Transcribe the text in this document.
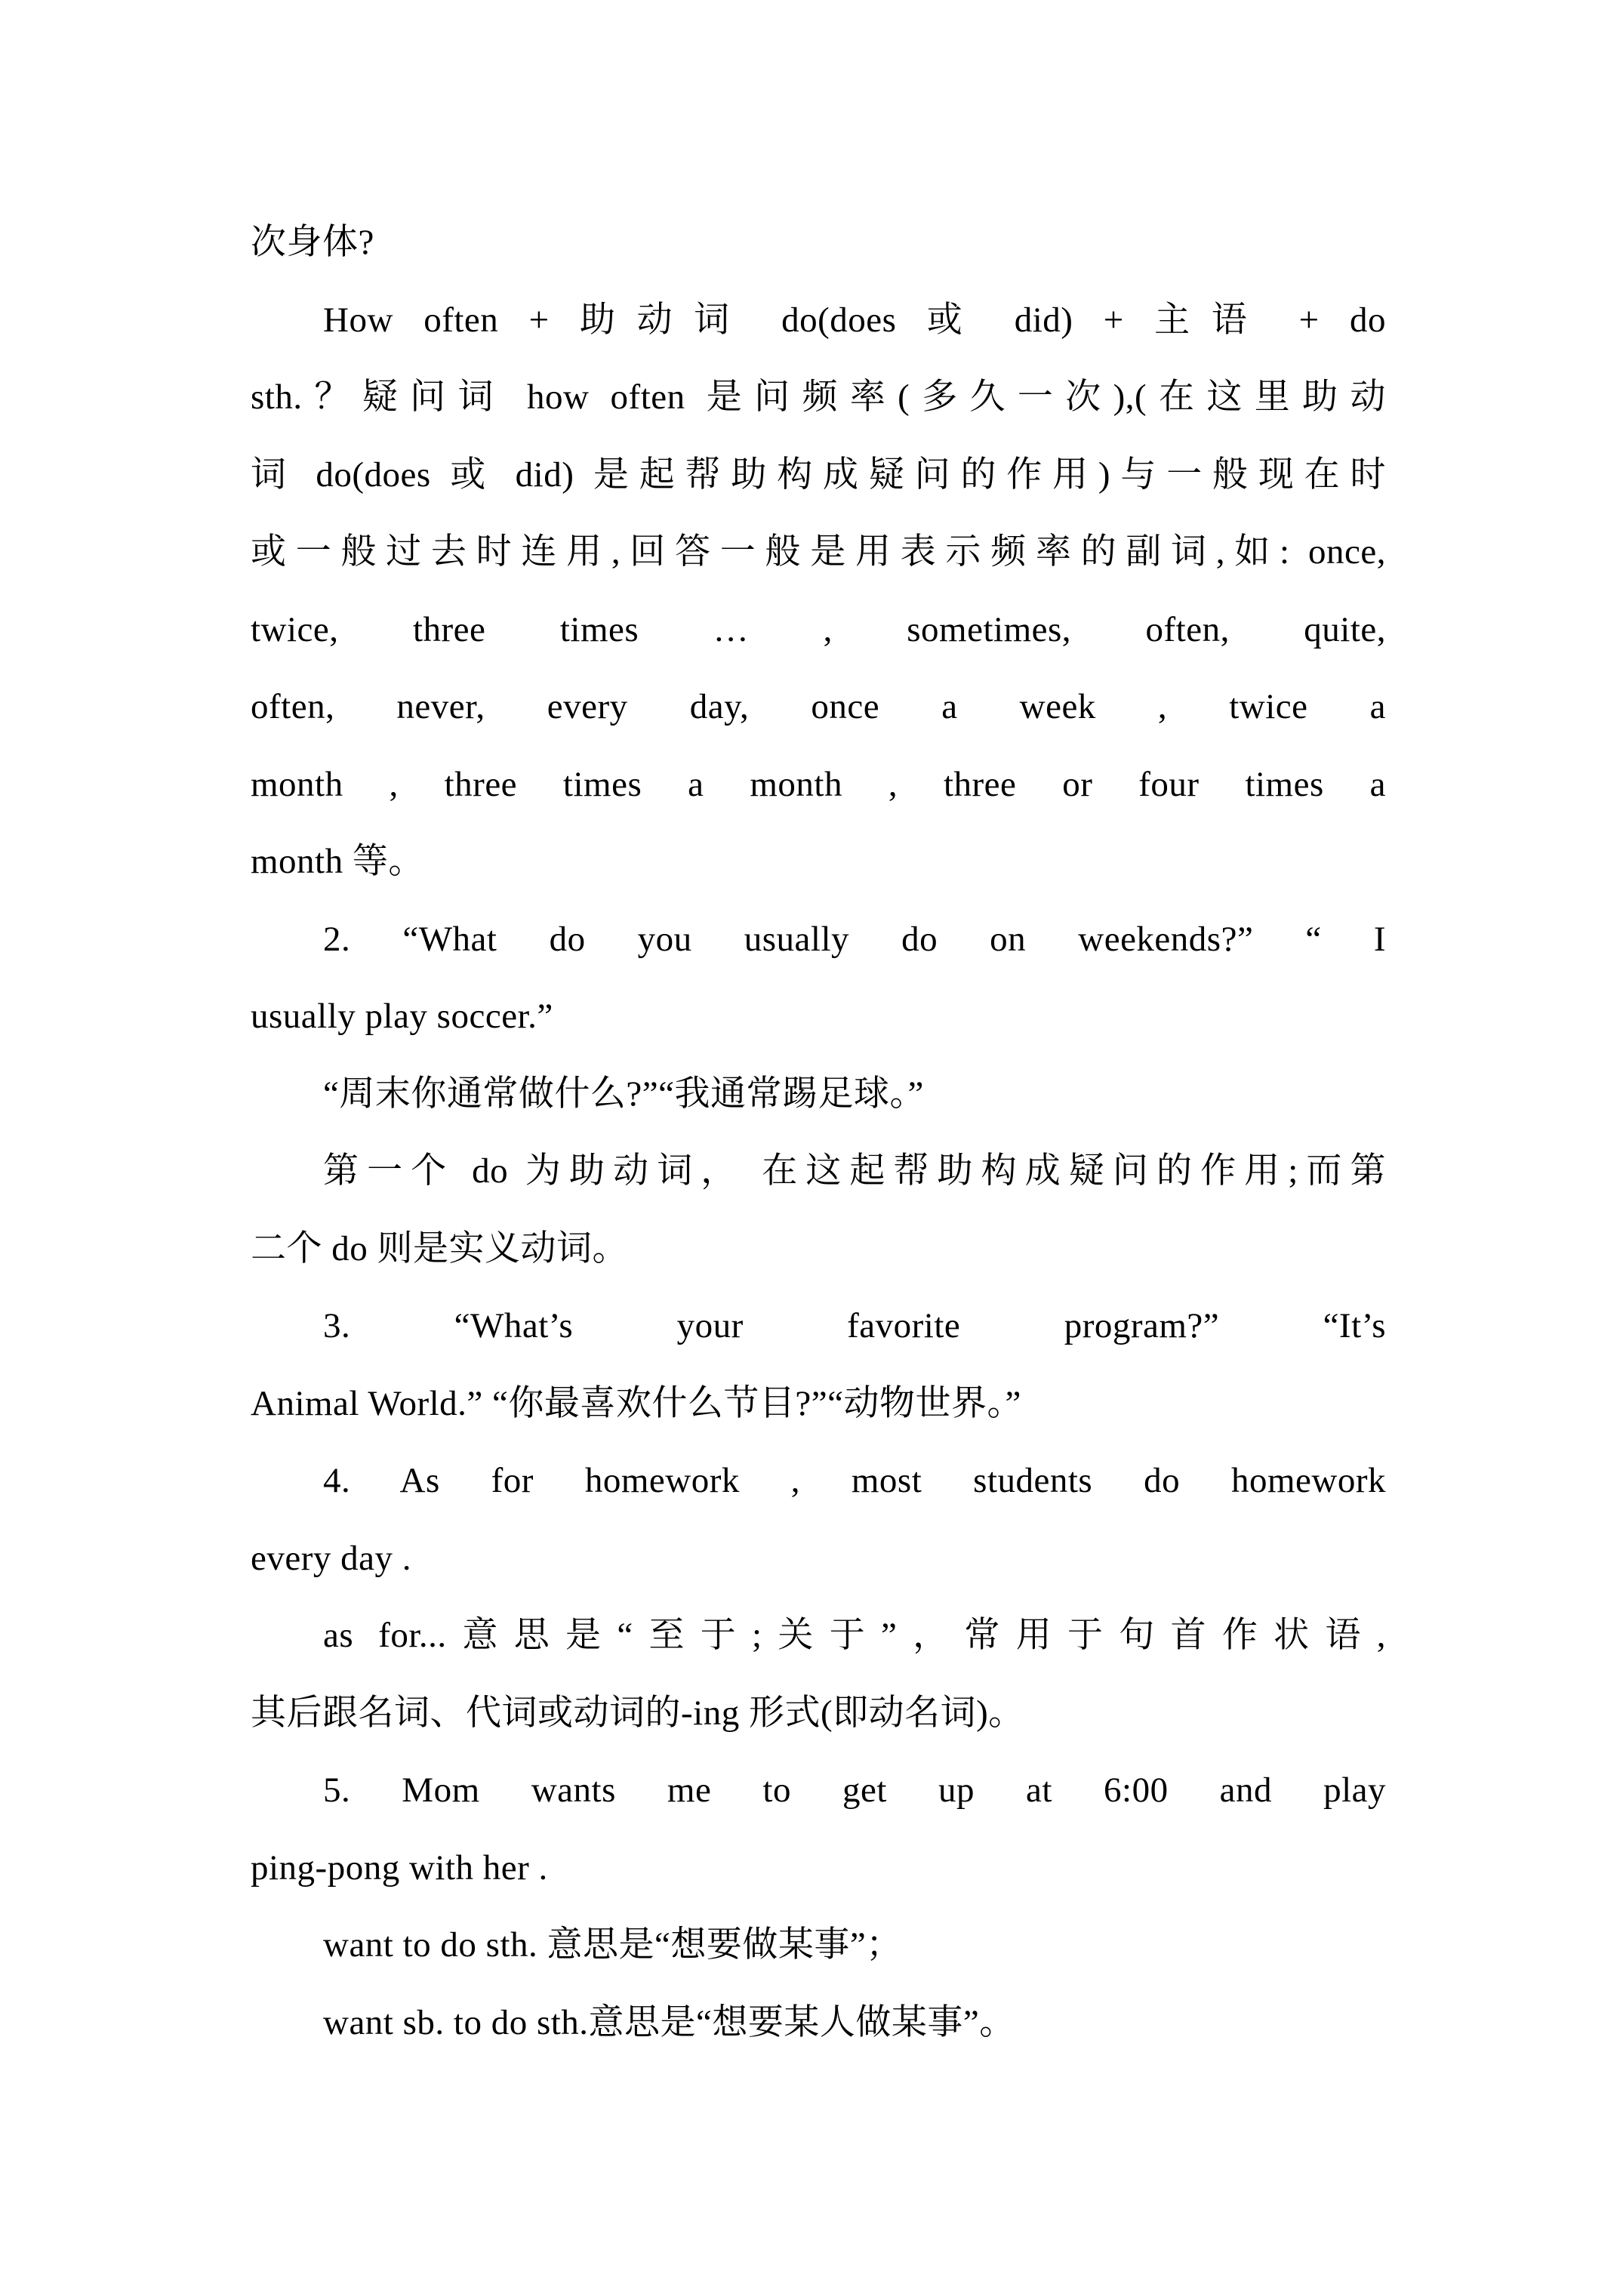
次身体?
How often + 助动词 do(does 或 did) + 主语 + do
sth.？疑问词 how often 是问频率(多久一次),(在这里助动
词 do(does 或 did) 是起帮助构成疑问的作用)与一般现在时
或一般过去时连用,回答一般是用表示频率的副词,如: once,
twice, three times … , sometimes, often, quite,
often, never, every day, once a week , twice a
month , three times a month , three or four times a
month 等。
2. “What do you usually do on weekends?” “ I
usually play soccer.”
“周末你通常做什么?”“我通常踢足球。”
第一个 do 为助动词， 在这起帮助构成疑问的作用;而第
二个 do 则是实义动词。
3. “What’s your favorite program?” “It’s
Animal World.” “你最喜欢什么节目?”“动物世界。”
4. As for homework , most students do homework
every day .
as for...意思是“至于;关于”，常用于句首作状语,
其后跟名词、代词或动词的-ing 形式(即动名词)。
5. Mom wants me to get up at 6:00 and play
ping-pong with her .
want to do sth. 意思是“想要做某事”；
want sb. to do sth.意思是“想要某人做某事”。
